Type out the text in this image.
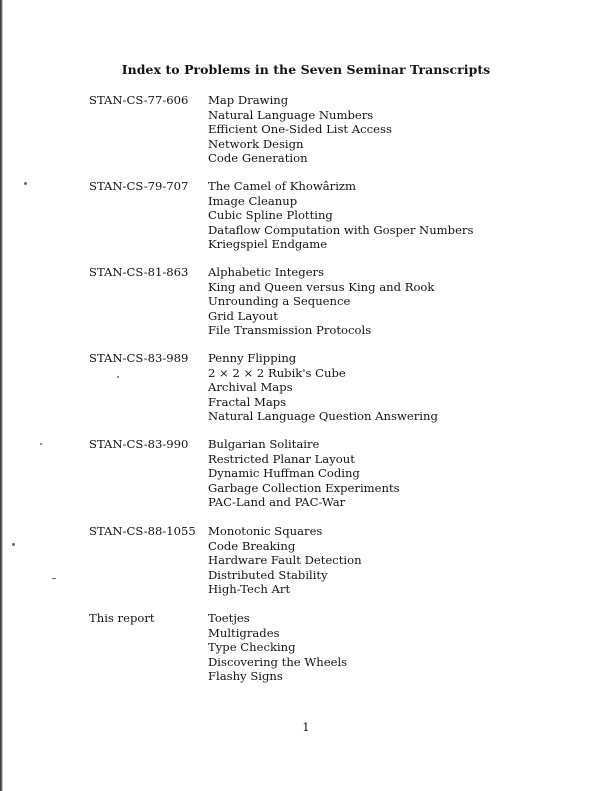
Index to Problems in the Seven Seminar Transcripts
STAN-CS-77-606 Map Drawing
Natural Language Numbers
Efficient One-Sided List Access
Network Design
Code Generation
STAN-CS-79-707 The Camel of Khowârizm
Image Cleanup
Cubic Spline Plotting
Dataflow Computation with Gosper Numbers
Kriegspiel Endgame
STAN-CS-81-863 Alphabetic Integers
King and Queen versus King and Rook
Unrounding a Sequence
Grid Layout
File Transmission Protocols
STAN-CS-83-989 Penny Flipping
2 × 2 × 2 Rubik's Cube
Archival Maps
Fractal Maps
Natural Language Question Answering
STAN-CS-83-990 Bulgarian Solitaire
Restricted Planar Layout
Dynamic Huffman Coding
Garbage Collection Experiments
PAC-Land and PAC-War
STAN-CS-88-1055 Monotonic Squares
Code Breaking
Hardware Fault Detection
Distributed Stability
High-Tech Art
This report	Toetjes
Multigrades
Type Checking
Discovering the Wheels
Flashy Signs
1
